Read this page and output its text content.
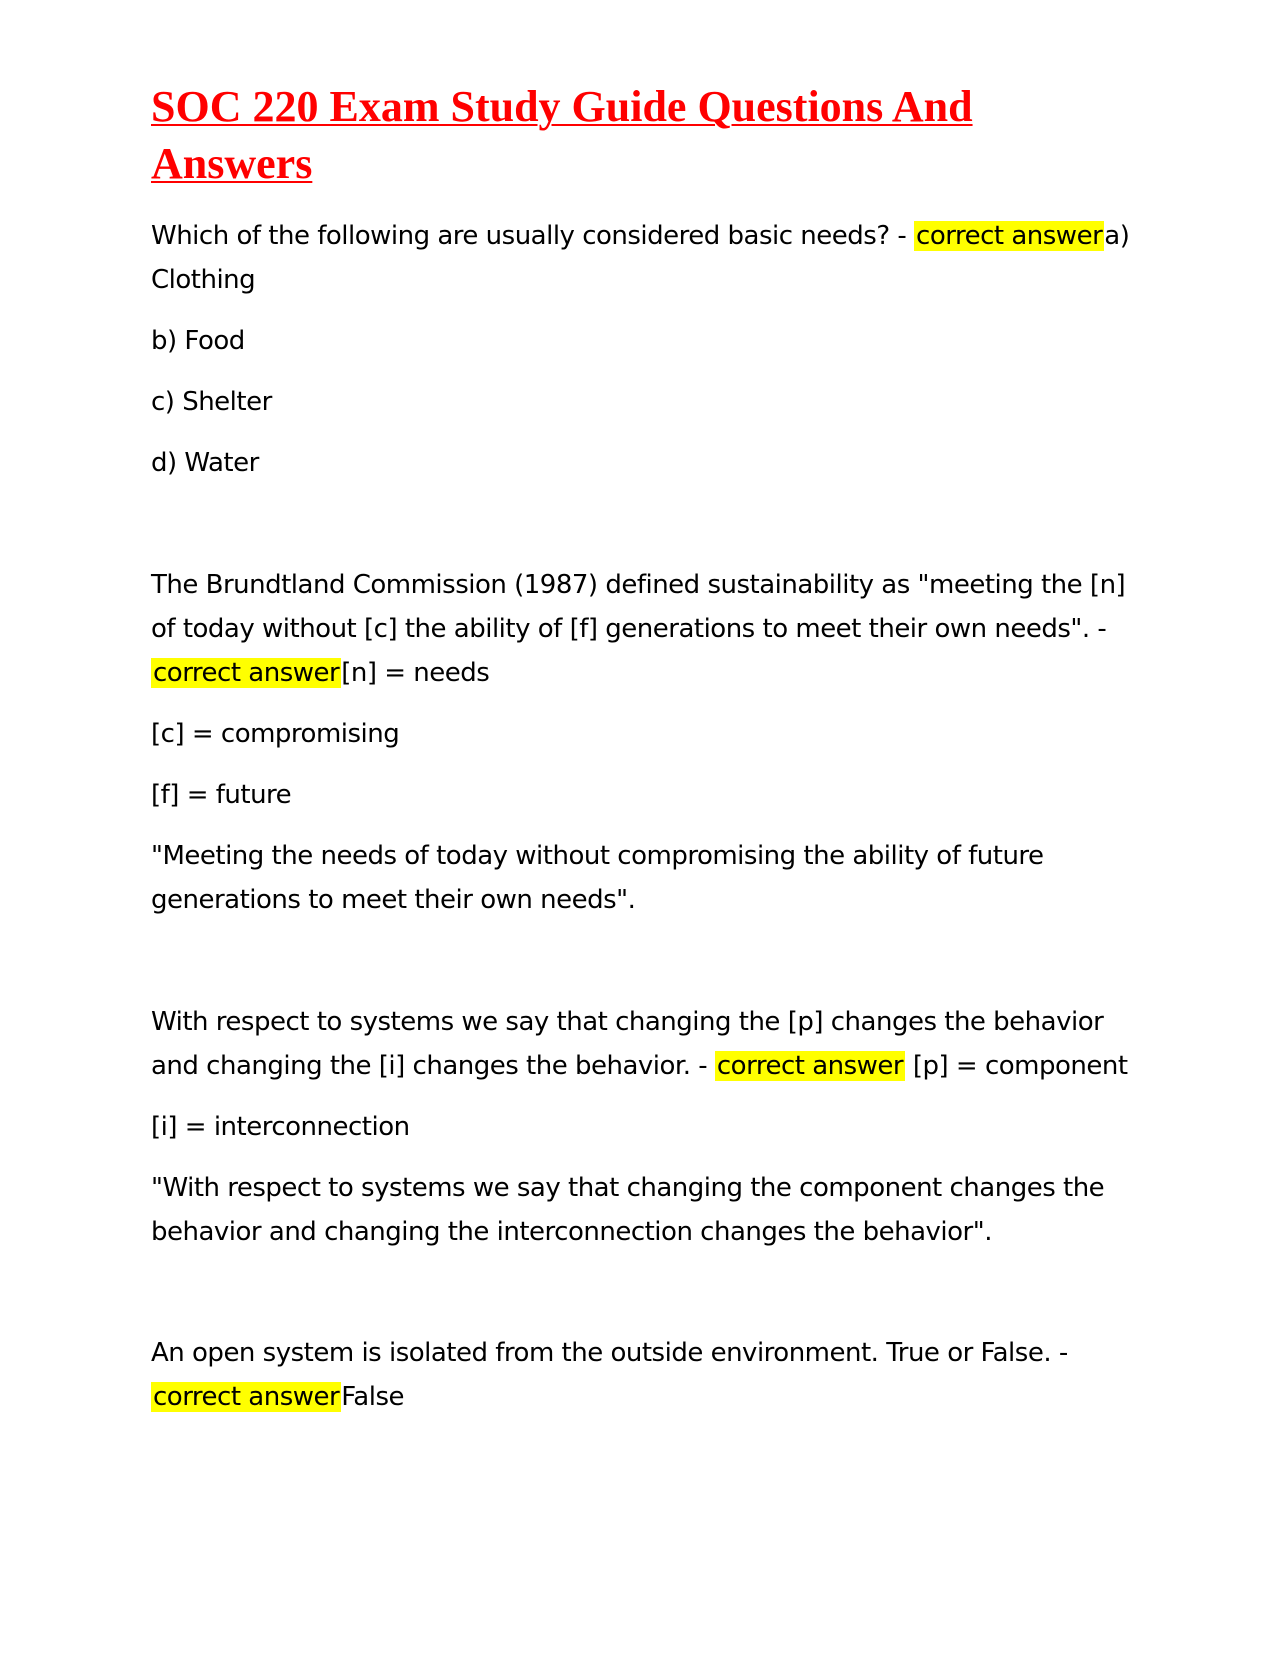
SOC 220 Exam Study Guide Questions And Answers

Which of the following are usually considered basic needs? - correct answera) Clothing

b) Food

c) Shelter

d) Water

The Brundtland Commission (1987) defined sustainability as "meeting the [n] of today without [c] the ability of [f] generations to meet their own needs". - correct answer[n] = needs

[c] = compromising

[f] = future

"Meeting the needs of today without compromising the ability of future generations to meet their own needs".

With respect to systems we say that changing the [p] changes the behavior and changing the [i] changes the behavior. - correct answer [p] = component

[i] = interconnection

"With respect to systems we say that changing the component changes the behavior and changing the interconnection changes the behavior".

An open system is isolated from the outside environment. True or False. - correct answerFalse
